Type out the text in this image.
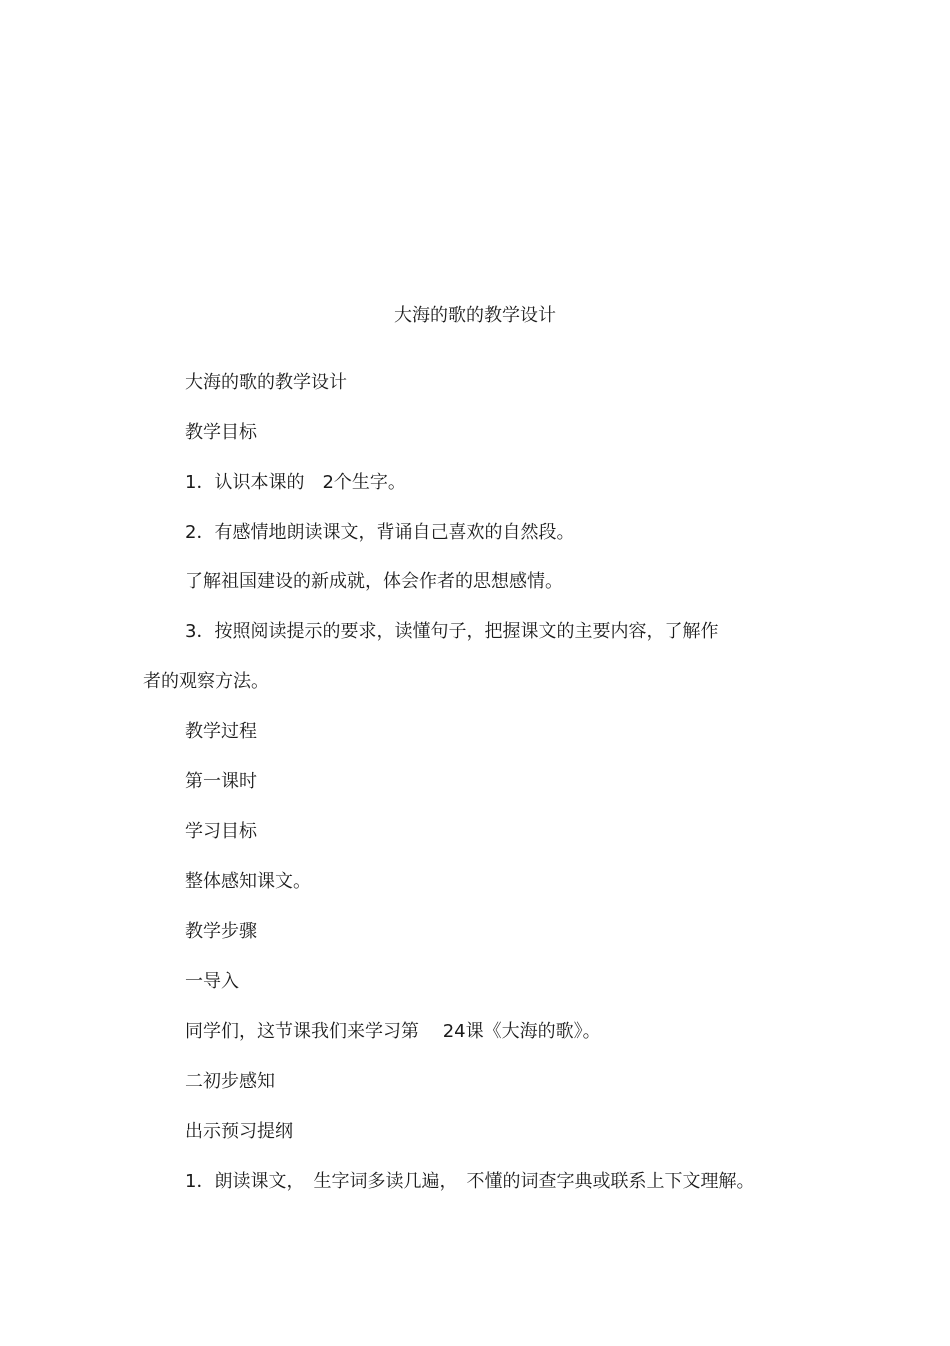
大海的歌的教学设计
大海的歌的教学设计
教学目标
1．认识本课的　2个生字。
2．有感情地朗读课文，背诵自己喜欢的自然段。
了解祖国建设的新成就，体会作者的思想感情。
3．按照阅读提示的要求，读懂句子，把握课文的主要内容，了解作
者的观察方法。
教学过程
第一课时
学习目标
整体感知课文。
教学步骤
一导入
同学们，这节课我们来学习第　 24课《大海的歌》。
二初步感知
出示预习提纲
1．朗读课文，　生字词多读几遍，　不懂的词查字典或联系上下文理解。
